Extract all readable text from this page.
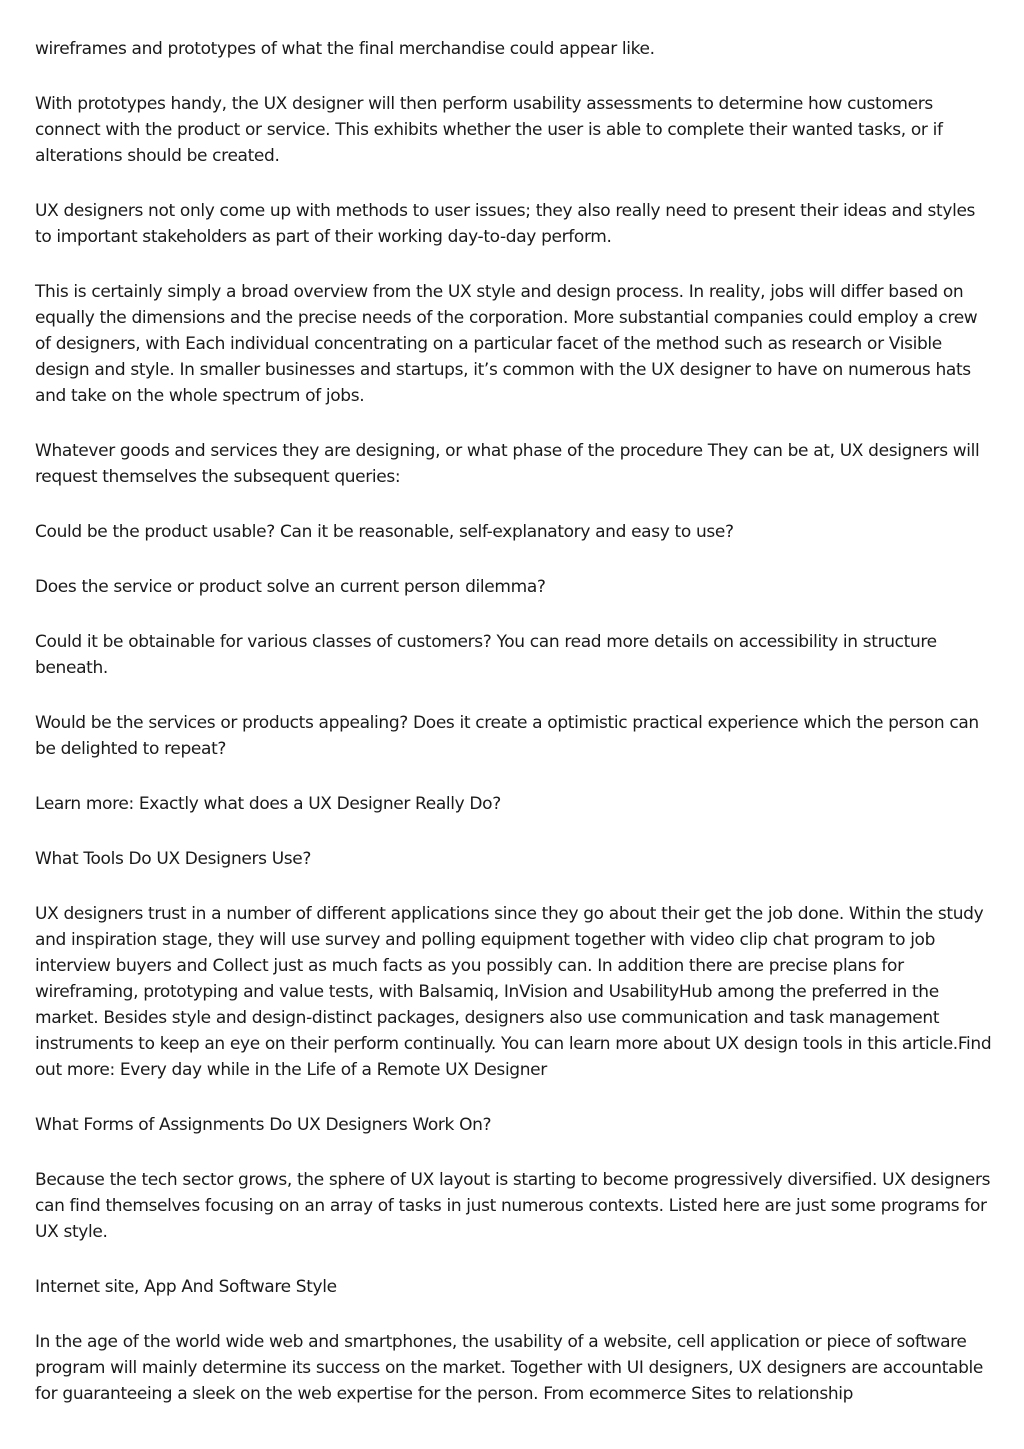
wireframes and prototypes of what the final merchandise could appear like.

With prototypes handy, the UX designer will then perform usability assessments to determine how customers connect with the product or service. This exhibits whether the user is able to complete their wanted tasks, or if alterations should be created.

UX designers not only come up with methods to user issues; they also really need to present their ideas and styles to important stakeholders as part of their working day-to-day perform.

This is certainly simply a broad overview from the UX style and design process. In reality, jobs will differ based on equally the dimensions and the precise needs of the corporation. More substantial companies could employ a crew of designers, with Each individual concentrating on a particular facet of the method such as research or Visible design and style. In smaller businesses and startups, it’s common with the UX designer to have on numerous hats and take on the whole spectrum of jobs.

Whatever goods and services they are designing, or what phase of the procedure They can be at, UX designers will request themselves the subsequent queries:

Could be the product usable? Can it be reasonable, self-explanatory and easy to use?

Does the service or product solve an current person dilemma?

Could it be obtainable for various classes of customers? You can read more details on accessibility in structure beneath.

Would be the services or products appealing? Does it create a optimistic practical experience which the person can be delighted to repeat?

Learn more: Exactly what does a UX Designer Really Do?

What Tools Do UX Designers Use?

UX designers trust in a number of different applications since they go about their get the job done. Within the study and inspiration stage, they will use survey and polling equipment together with video clip chat program to job interview buyers and Collect just as much facts as you possibly can. In addition there are precise plans for wireframing, prototyping and value tests, with Balsamiq, InVision and UsabilityHub among the preferred in the market. Besides style and design-distinct packages, designers also use communication and task management instruments to keep an eye on their perform continually. You can learn more about UX design tools in this article.Find out more: Every day while in the Life of a Remote UX Designer

What Forms of Assignments Do UX Designers Work On?

Because the tech sector grows, the sphere of UX layout is starting to become progressively diversified. UX designers can find themselves focusing on an array of tasks in just numerous contexts. Listed here are just some programs for UX style.

Internet site, App And Software Style

In the age of the world wide web and smartphones, the usability of a website, cell application or piece of software program will mainly determine its success on the market. Together with UI designers, UX designers are accountable for guaranteeing a sleek on the web expertise for the person. From ecommerce Sites to relationship
